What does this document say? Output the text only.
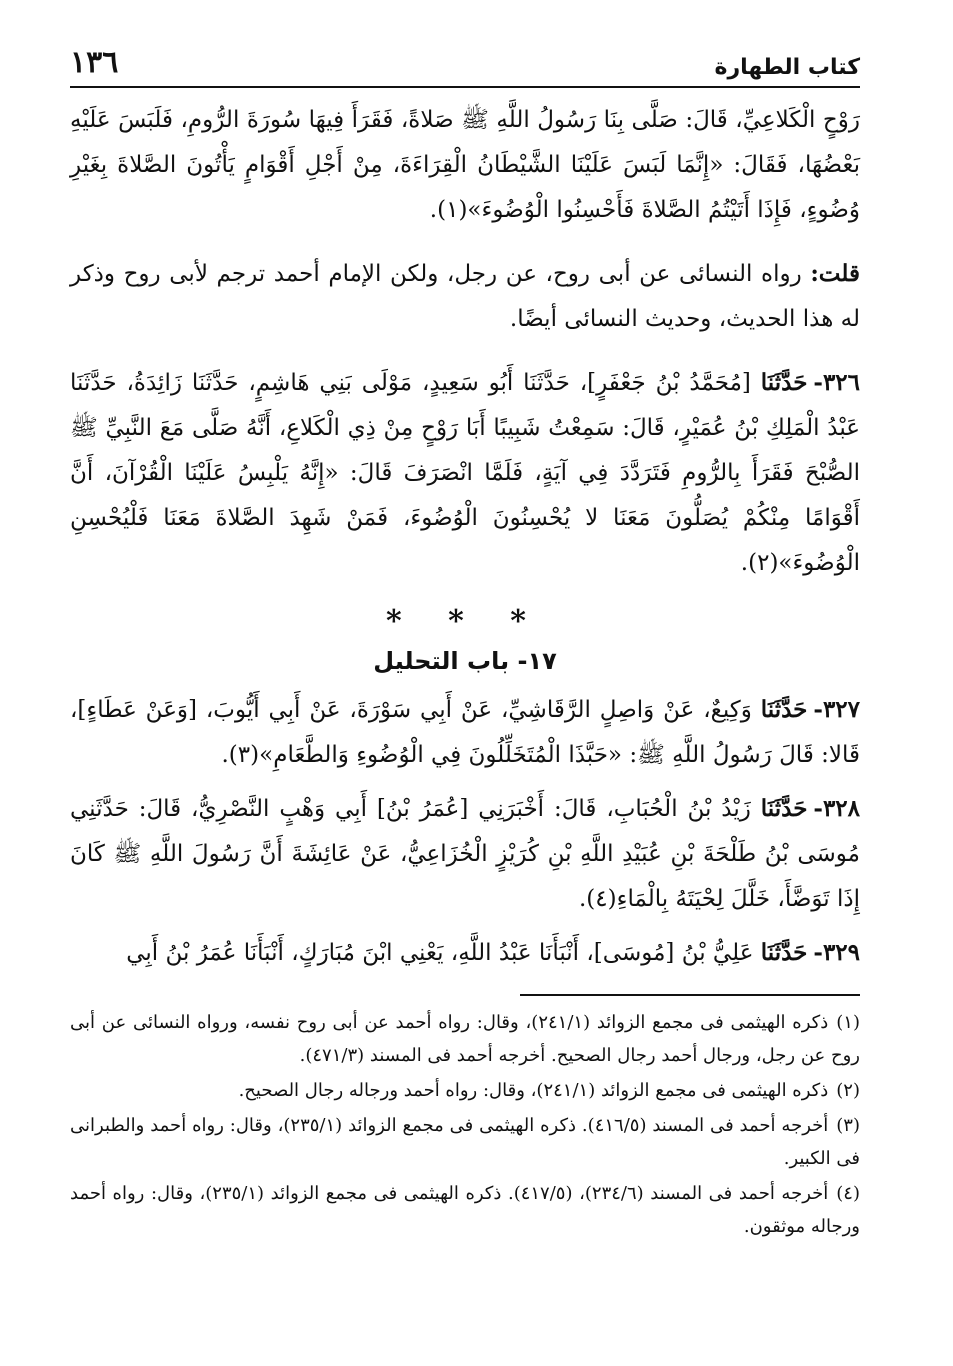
كتاب الطهارة
١٣٦

رَوْحٍ الْكَلاعِيِّ، قَالَ: صَلَّى بِنَا رَسُولُ اللَّهِ ﷺ صَلاةً، فَقَرَأَ فِيهَا سُورَةَ الرُّومِ، فَلَبَسَ عَلَيْهِ بَعْضُهَا، فَقَالَ: «إِنَّمَا لَبَسَ عَلَيْنَا الشَّيْطَانُ الْقِرَاءَةَ، مِنْ أَجْلِ أَقْوَامٍ يَأْتُونَ الصَّلاةَ بِغَيْرِ وُضُوءٍ، فَإِذَا أَتَيْتُمُ الصَّلاةَ فَأَحْسِنُوا الْوُضُوءَ»(١).

قلت: رواه النسائى عن أبى روح، عن رجل، ولكن الإمام أحمد ترجم لأبى روح وذكر له هذا الحديث، وحديث النسائى أيضًا.

٣٢٦-حَدَّثَنَا [مُحَمَّدُ بْنُ جَعْفَرٍ]، حَدَّثَنَا أَبُو سَعِيدٍ، مَوْلَى بَنِي هَاشِمٍ، حَدَّثَنَا زَائِدَةُ، حَدَّثَنَا عَبْدُ الْمَلِكِ بْنُ عُمَيْرٍ، قَالَ: سَمِعْتُ شَبِيبًا أَبَا رَوْحٍ مِنْ ذِي الْكَلاعِ، أَنَّهُ صَلَّى مَعَ النَّبِيِّ ﷺ الصُّبْحَ فَقَرَأَ بِالرُّومِ فَتَرَدَّدَ فِي آيَةٍ، فَلَمَّا انْصَرَفَ قَالَ: «إِنَّهُ يَلْبِسُ عَلَيْنَا الْقُرْآنَ، أَنَّ أَقْوَامًا مِنْكُمْ يُصَلُّونَ مَعَنَا لا يُحْسِنُونَ الْوُضُوءَ، فَمَنْ شَهِدَ الصَّلاةَ مَعَنَا فَلْيُحْسِنِ الْوُضُوءَ»(٢).

* * *
١٧- باب التحليل

٣٢٧-حَدَّثَنَا وَكِيعٌ، عَنْ وَاصِلٍ الرَّقَاشِيِّ، عَنْ أَبِي سَوْرَةَ، عَنْ أَبِي أَيُّوبَ، [وَعَنْ عَطَاءٍ]، قَالا: قَالَ رَسُولُ اللَّهِ ﷺ: «حَبَّذَا الْمُتَخَلِّلُونَ فِي الْوُضُوءِ وَالطَّعَامِ»(٣).

٣٢٨-حَدَّثَنَا زَيْدُ بْنُ الْحُبَابِ، قَالَ: أَخْبَرَنِي [عُمَرُ بْنُ] أَبِي وَهْبٍ النَّصْرِيُّ، قَالَ: حَدَّثَنِي مُوسَى بْنُ طَلْحَةَ بْنِ عُبَيْدِ اللَّهِ بْنِ كُرَيْزٍ الْخُزَاعِيُّ، عَنْ عَائِشَةَ أَنَّ رَسُولَ اللَّهِ ﷺ كَانَ إِذَا تَوَضَّأَ، خَلَّلَ لِحْيَتَهُ بِالْمَاءِ(٤).

٣٢٩-حَدَّثَنَا عَلِيُّ بْنُ [مُوسَى]، أَنْبَأَنَا عَبْدُ اللَّهِ، يَعْنِي ابْنَ مُبَارَكٍ، أَنْبَأَنَا عُمَرُ بْنُ أَبِي

(١)ذكره الهيثمى فى مجمع الزوائد (٢٤١/١)، وقال: رواه أحمد عن أبى روح نفسه، ورواه النسائى عن أبى روح عن رجل، ورجال أحمد رجال الصحيح. أخرجه أحمد فى المسند (٤٧١/٣).

(٢)ذكره الهيثمى فى مجمع الزوائد (٢٤١/١)، وقال: رواه أحمد ورجاله رجال الصحيح.

(٣)أخرجه أحمد فى المسند (٤١٦/٥). ذكره الهيثمى فى مجمع الزوائد (٢٣٥/١)، وقال: رواه أحمد والطبرانى فى الكبير.

(٤)أخرجه أحمد فى المسند (٢٣٤/٦)، (٤١٧/٥). ذكره الهيثمى فى مجمع الزوائد (٢٣٥/١)، وقال: رواه أحمد ورجاله موثقون.
